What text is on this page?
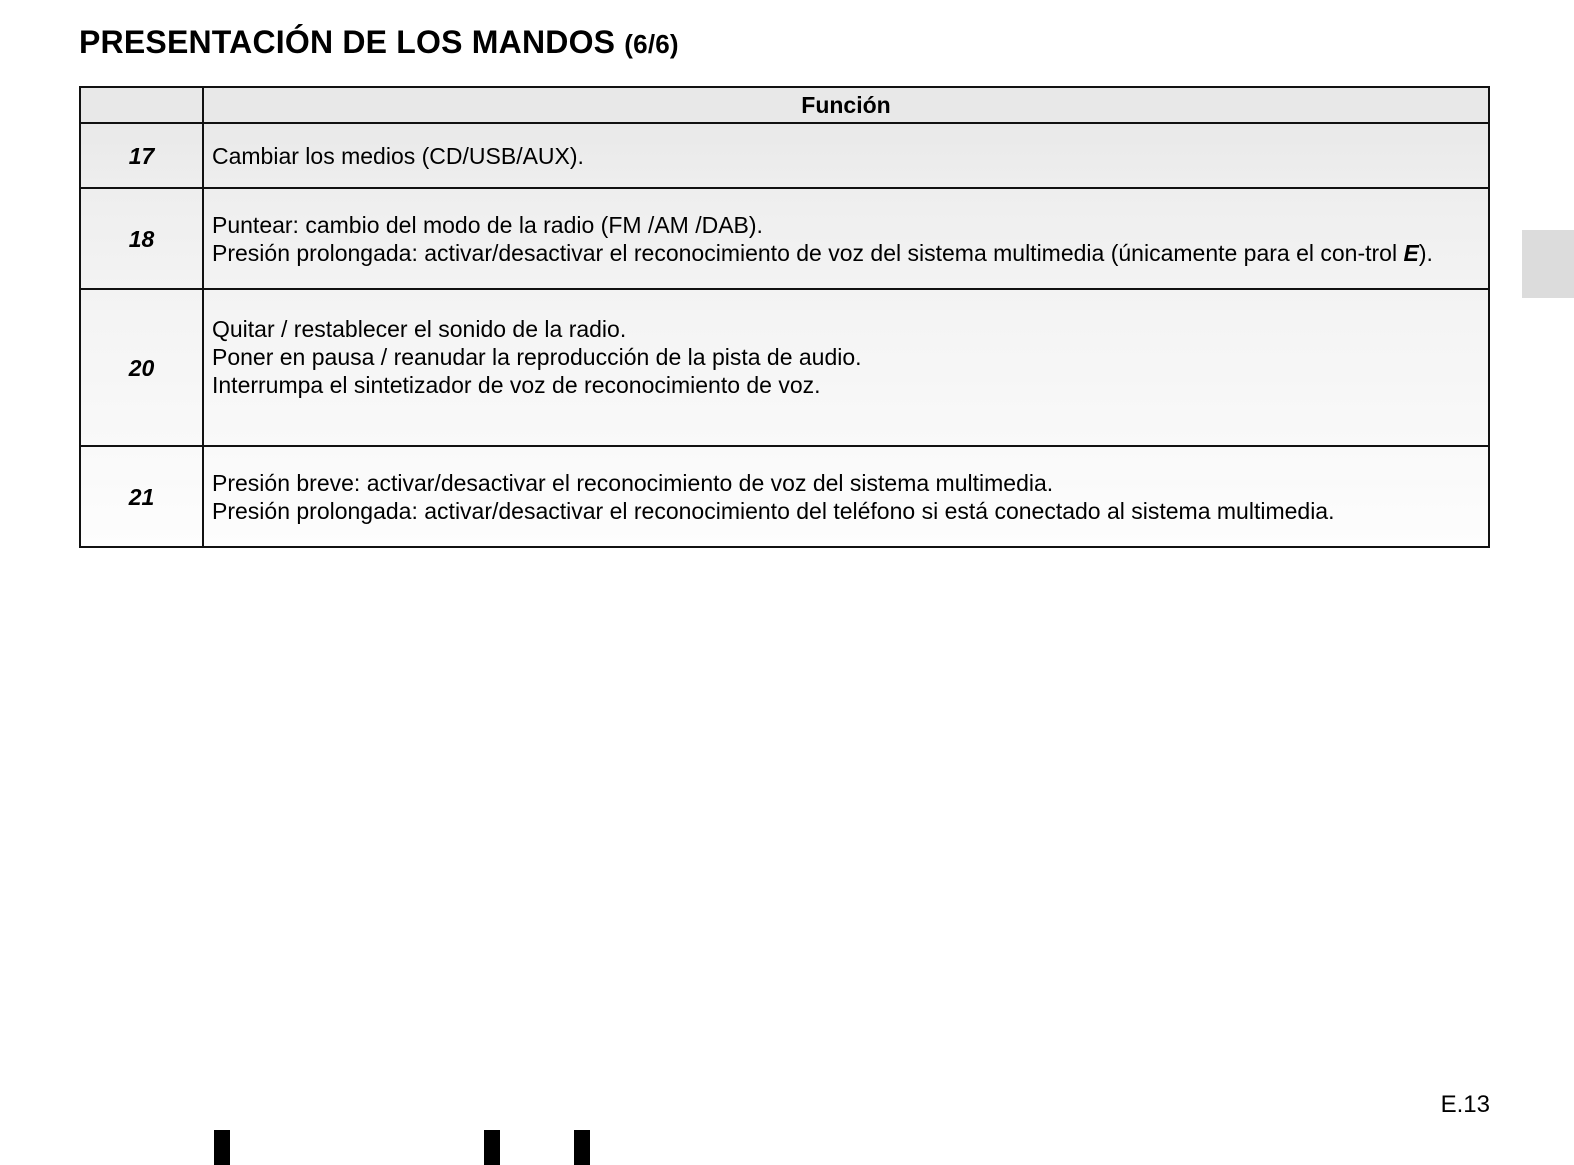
PRESENTACIÓN DE LOS MANDOS (6/6)
	Función
17	Cambiar los medios (CD/USB/AUX).

18	Puntear: cambio del modo de la radio (FM /AM /DAB).
Presión prolongada: activar/desactivar el reconocimiento de voz del sistema multimedia (únicamente para el con-trol E).

20	Quitar / restablecer el sonido de la radio.
Poner en pausa / reanudar la reproducción de la pista de audio.
Interrumpa el sintetizador de voz de reconocimiento de voz.

21	Presión breve: activar/desactivar el reconocimiento de voz del sistema multimedia.
Presión prolongada: activar/desactivar el reconocimiento del teléfono si está conectado al sistema multimedia.
E.13
